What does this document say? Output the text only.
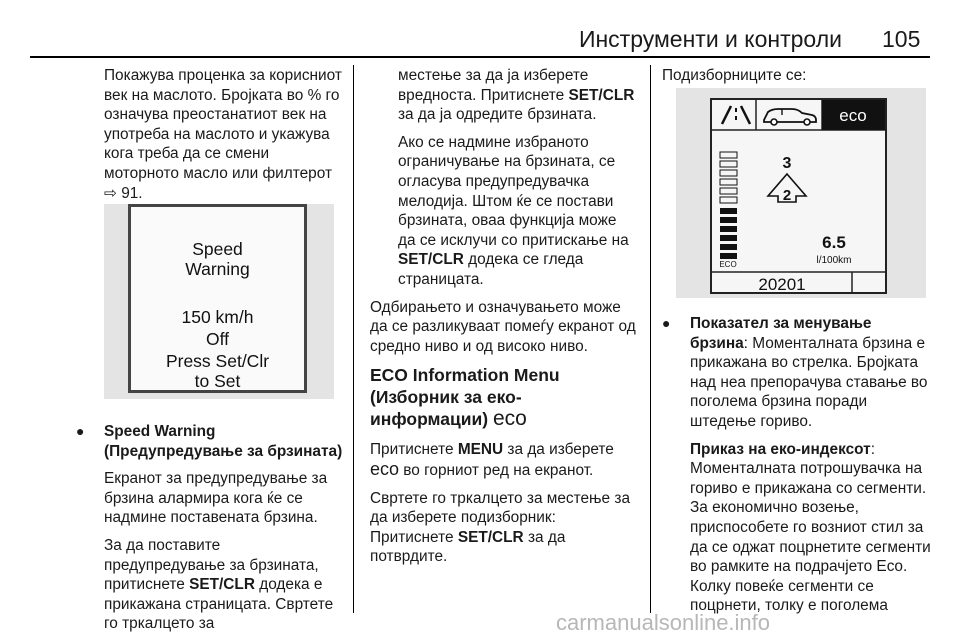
Инструменти и контроли 105

Покажува проценка за корисниот век на маслото. Бројката во % го означува преостанатиот век на употреба на маслото и укажува кога треба да се смени моторното масло или филтерот ⇨ 91.

Speed
Warning
150 km/h
Off
Press Set/Clr
to Set
●	Speed Warning (Предупредување за брзината)

Екранот за предупредување за брзина алармира кога ќе се надмине поставената брзина.

За да поставите предупредување за брзината, притиснете SET/CLR додека е прикажана страницата. Свртете го тркалцето за

местење за да ја изберете вредноста. Притиснете SET/CLR за да ја одредите брзината.

Ако се надмине избраното ограничување на брзината, се огласува предупредувачка мелодија. Штом ќе се постави брзината, оваа функција може да се исклучи со притискање на SET/CLR додека се гледа страницата.

Одбирањето и означувањето може да се разликуваат помеѓу екранот од средно ниво и од високо ниво.

ECO Information Menu (Изборник за еко-информации) eco

Притиснете MENU за да изберете eco во горниот ред на екранот.

Свртете го тркалцето за местење за да изберете подизборник: Притиснете SET/CLR за да потврдите.

Подизборниците се:

eco
ECO
3
2
6.5
l/100km
20201
●	Показател за менување брзина: Моменталната брзина е прикажана во стрелка. Бројката над неа препорачува ставање во поголема брзина поради штедење гориво.

Приказ на еко-индексот: Моменталната потрошувачка на гориво е прикажана со сегменти. За економично возење, приспособете го возниот стил за да се оджат поцрнетите сегменти во рамките на подрачјето Eco. Колку повеќе сегменти се поцрнети, толку е поголема

carmanualsonline.info
